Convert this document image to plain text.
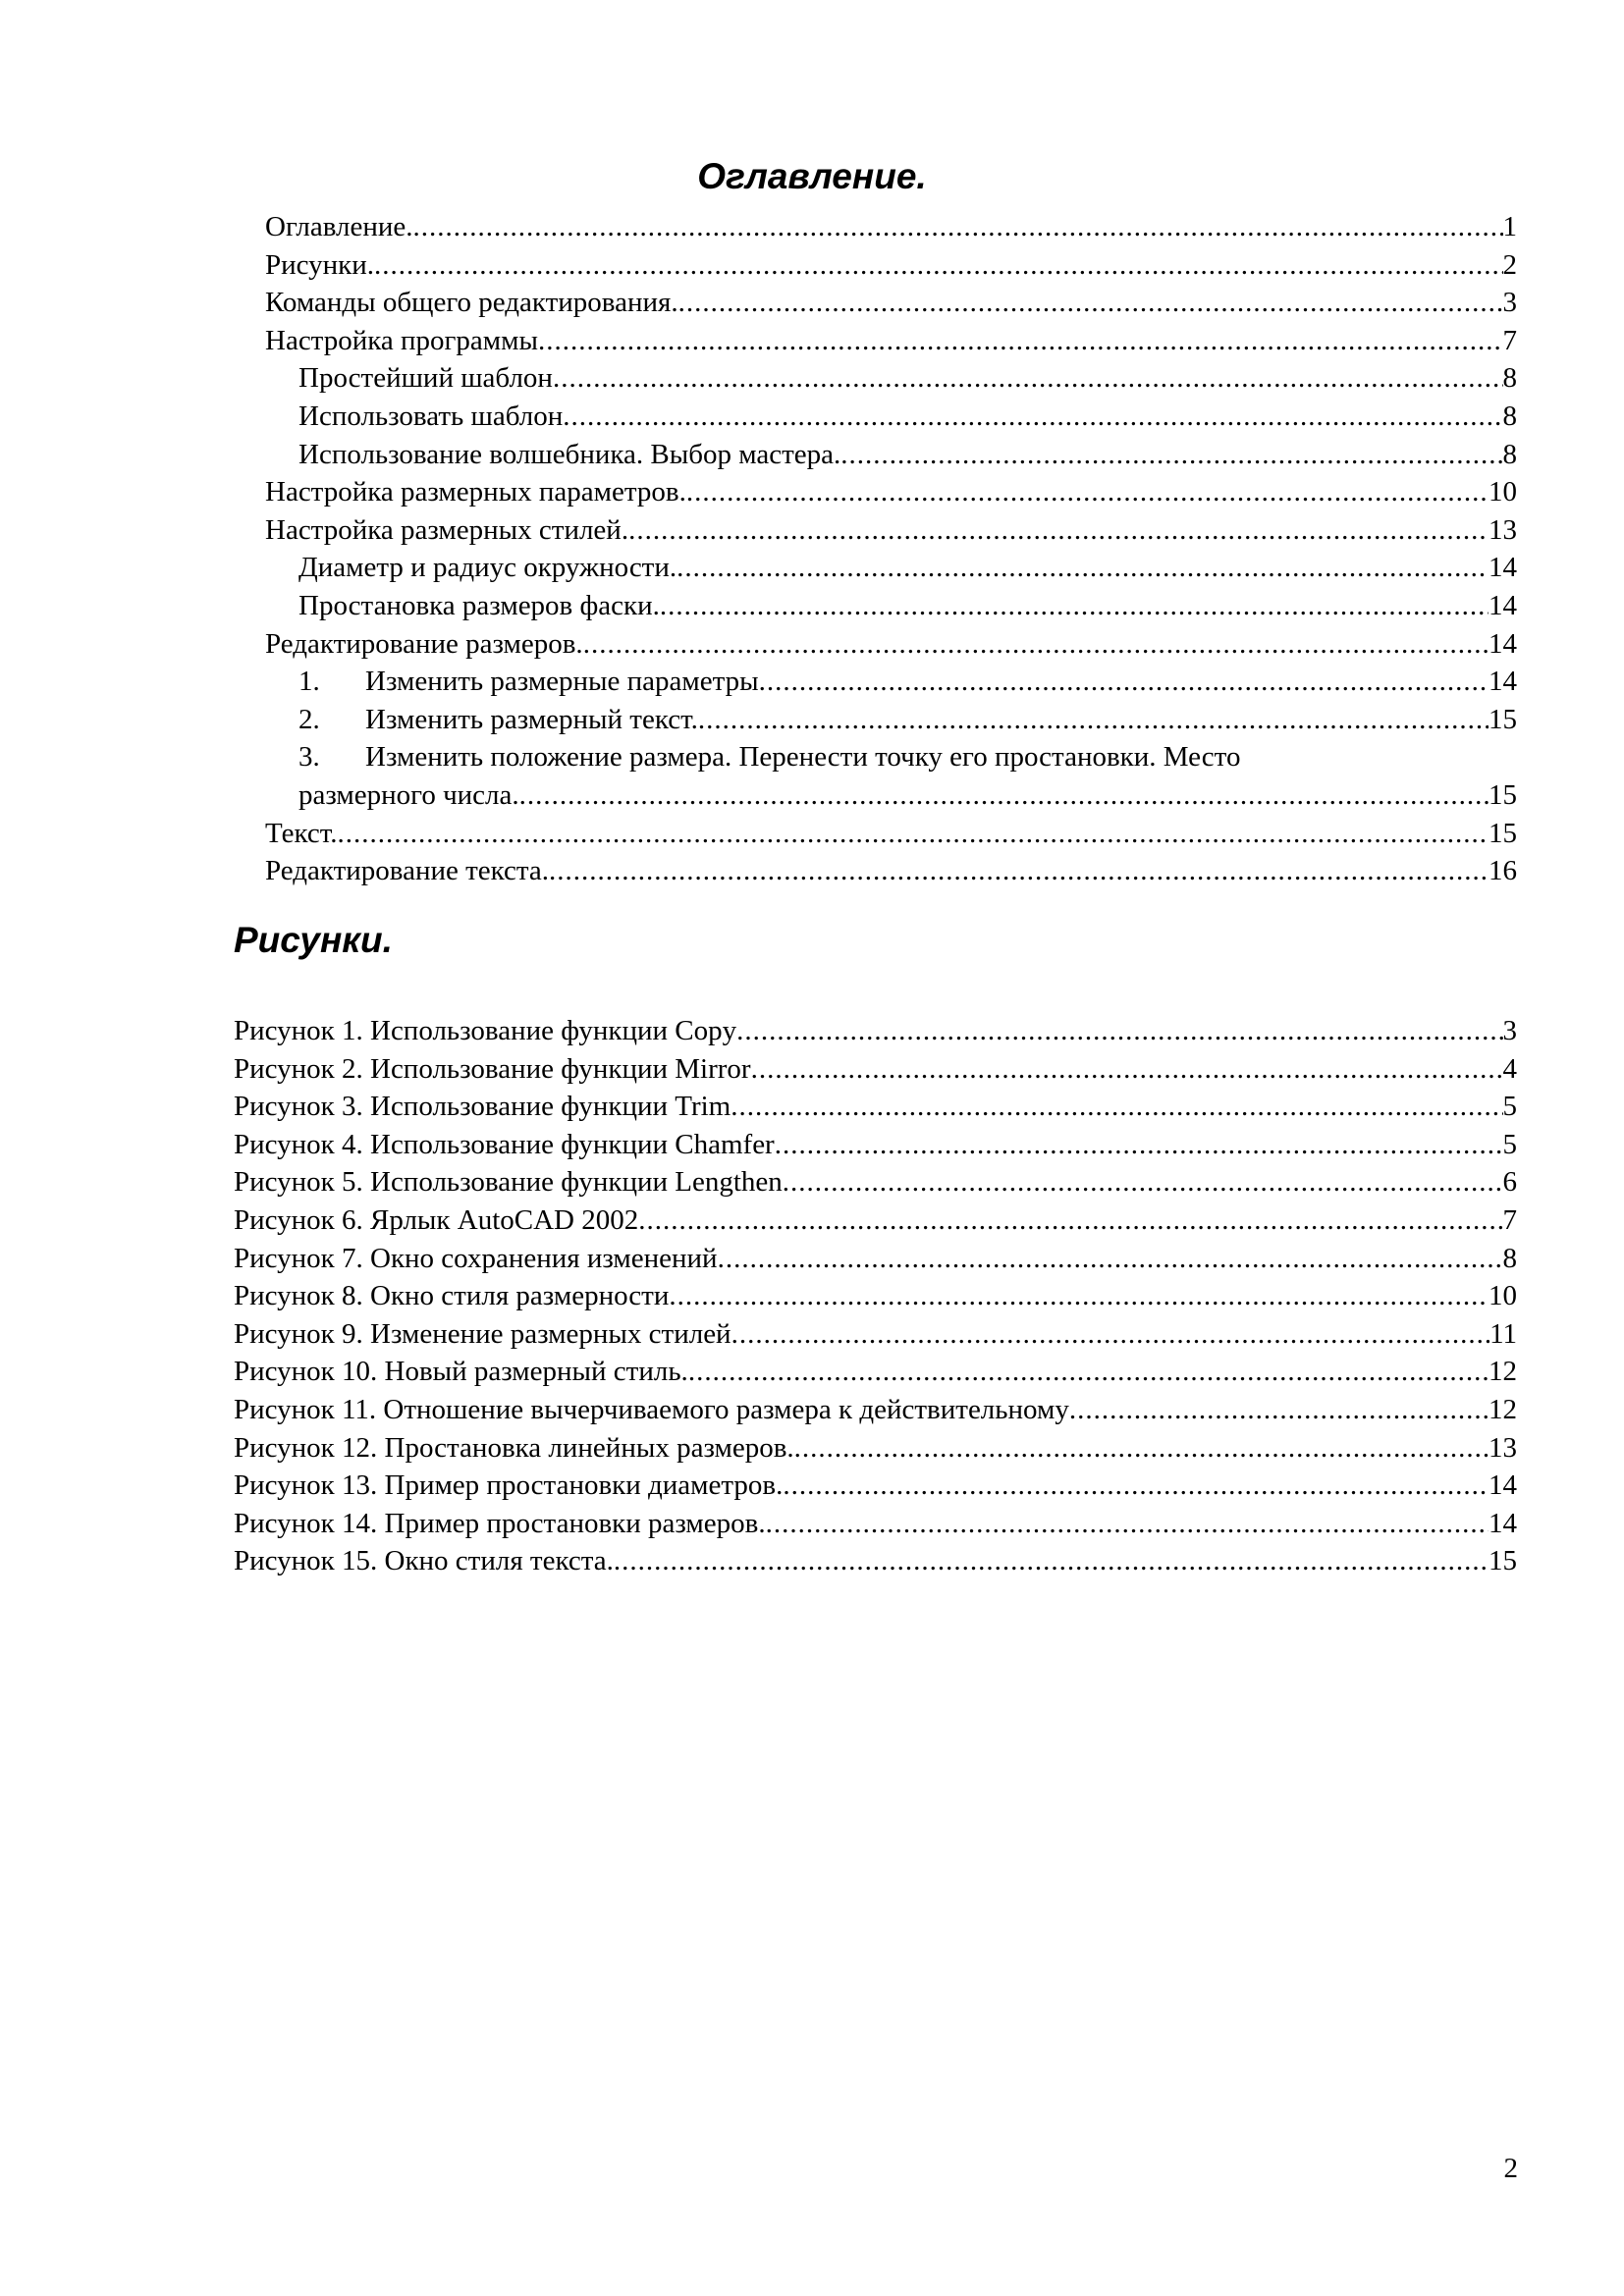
Оглавление.
Оглавление. .....	1
Рисунки. .....	2
Команды общего редактирования. .....	3
Настройка программы .....	7
Простейший шаблон .....	8
Использовать шаблон .....	8
Использование волшебника. Выбор мастера. .....	8
Настройка размерных параметров. .....	10
Настройка размерных стилей. .....	13
Диаметр и радиус окружности. .....	14
Простановка размеров фаски. .....	14
Редактирование размеров. .....	14
1.	Изменить размерные параметры .....	14
2.	Изменить размерный текст. .....	15
3. Изменить положение размера. Перенести точку его простановки. Место
размерного числа. .....	15
Текст. .....	15
Редактирование текста. .....	16
Рисунки.
Рисунок 1. Использование функции Copy .....	3
Рисунок 2. Использование функции Mirror .....	4
Рисунок 3. Использование функции Trim .....	5
Рисунок 4. Использование функции Chamfer .....	5
Рисунок 5. Использование функции Lengthen .....	6
Рисунок 6. Ярлык AutoCAD 2002 .....	7
Рисунок 7. Окно сохранения изменений .....	8
Рисунок 8. Окно стиля размерности .....	10
Рисунок 9. Изменение размерных стилей .....	11
Рисунок 10. Новый размерный стиль. .....	12
Рисунок 11. Отношение вычерчиваемого размера к действительному .....	12
Рисунок 12. Простановка линейных размеров. .....	13
Рисунок 13. Пример простановки диаметров. .....	14
Рисунок 14. Пример простановки размеров. .....	14
Рисунок 15. Окно стиля текста. .....	15
2
